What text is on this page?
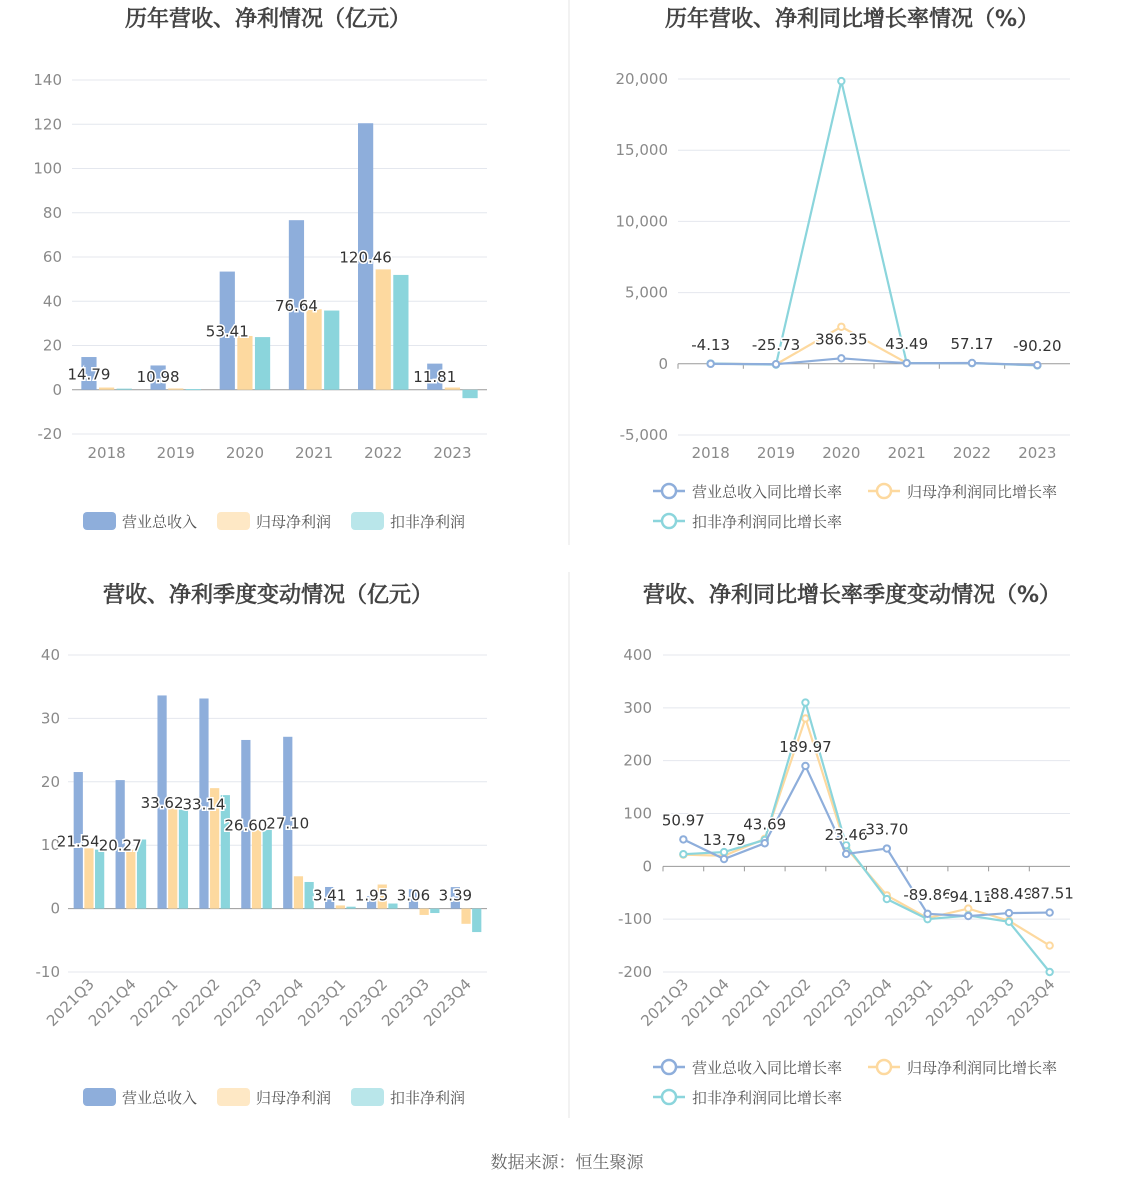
历年营收、净利情况（亿元）
-20
0
20
40
60
80
100
120
140
2018 2019 2020 2021 2022 2023
14.79 10.98
53.41
76.64
120.46
11.81
营业总收入	归母净利润	扣非净利润
历年营收、净利同比增长率情况（%）
-5,000
0
5,000
10,000
15,000
20,000
2018 2019 2020 2021 2022 2023
-4.13 -25.73 386.35 43.49 57.17 -90.20
营业总收入同比增长率	归母净利润同比增长率
扣非净利润同比增长率
营收、净利季度变动情况（亿元）
-10
0
10
20
30
40
2021Q3
2021Q4
2022Q1
2022Q2
2022Q3
2022Q4
2023Q1
2023Q2
2023Q3
2023Q4
21.54
20.27
33.62
33.14
26.60
27.10
3.41 1.95 3.06 3.39
营业总收入	归母净利润	扣非净利润
营收、净利同比增长率季度变动情况（%）
-200
-100
0
100
200
300
400
2021Q3
2021Q4
2022Q1
2022Q2
2022Q3
2022Q4
2023Q1
2023Q2
2023Q3
2023Q4
50.97
13.79
43.69
189.97
23.46
33.70
-89.86
-94.11
-88.49
-87.51
营业总收入同比增长率	归母净利润同比增长率
扣非净利润同比增长率
数据来源：恒生聚源
